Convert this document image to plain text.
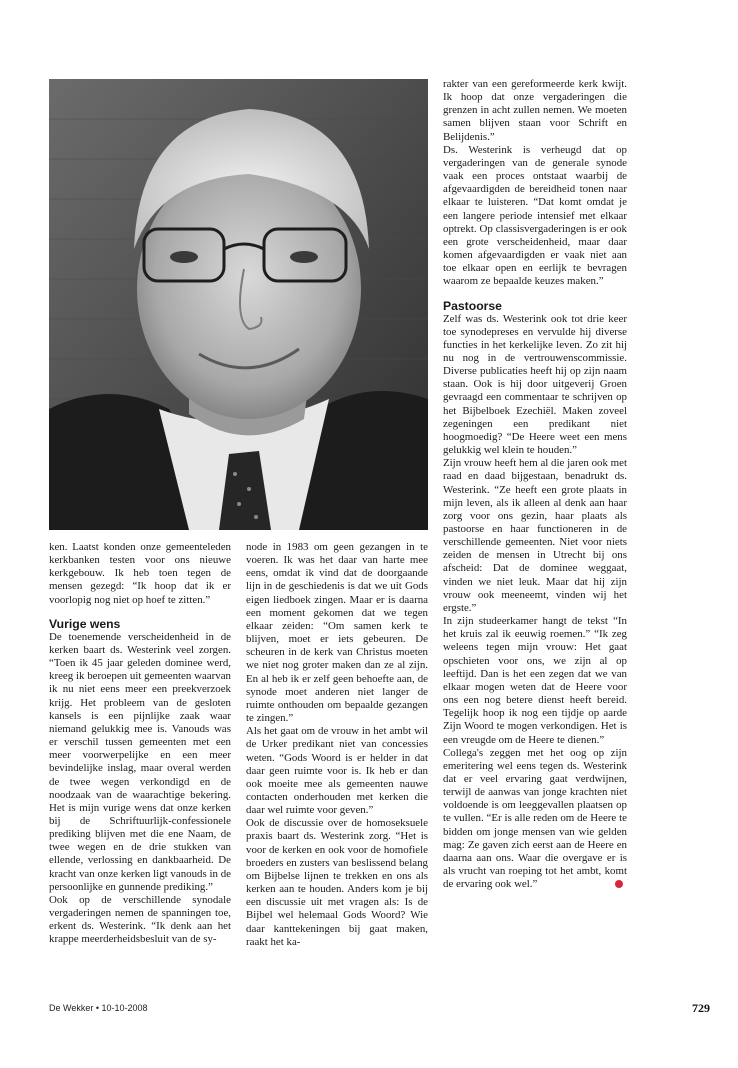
ken. Laatst konden onze gemeenteleden kerkbanken testen voor ons nieuwe kerkgebouw. Ik heb toen tegen de mensen gezegd: “Ik hoop dat ik er voorlopig nog niet op hoef te zitten.”

Vurige wens

De toenemende verscheidenheid in de kerken baart ds. Westerink veel zorgen. “Toen ik 45 jaar geleden dominee werd, kreeg ik beroepen uit gemeenten waarvan ik nu niet eens meer een preekverzoek krijg. Het probleem van de gesloten kansels is een pijnlijke zaak waar niemand gelukkig mee is. Vanouds was er verschil tussen gemeenten met een meer voorwerpelijke en een meer bevindelijke inslag, maar overal werden de twee wegen verkondigd en de noodzaak van de waarachtige bekering. Het is mijn vurige wens dat onze kerken bij de Schriftuurlijk-confessionele prediking blijven met die ene Naam, de twee wegen en de drie stukken van ellende, verlossing en dankbaarheid. De kracht van onze kerken ligt vanouds in de persoonlijke en gunnende prediking.”

Ook op de verschillende synodale vergaderingen nemen de spanningen toe, erkent ds. Westerink. “Ik denk aan het krappe meerderheidsbesluit van de sy-

node in 1983 om geen gezangen in te voeren. Ik was het daar van harte mee eens, omdat ik vind dat de doorgaande lijn in de geschiedenis is dat we uit Gods eigen liedboek zingen. Maar er is daarna een moment gekomen dat we tegen elkaar zeiden: “Om samen kerk te blijven, moet er iets gebeuren. De scheuren in de kerk van Christus moeten we niet nog groter maken dan ze al zijn. En al heb ik er zelf geen behoefte aan, de synode moet anderen niet langer de ruimte onthouden om bepaalde gezangen te zingen.”

Als het gaat om de vrouw in het ambt wil de Urker predikant niet van concessies weten. “Gods Woord is er helder in dat daar geen ruimte voor is. Ik heb er dan ook moeite mee als gemeenten nauwe contacten onderhouden met kerken die daar wel ruimte voor geven.”

Ook de discussie over de homoseksuele praxis baart ds. Westerink zorg. “Het is voor de kerken en ook voor de homofiele broeders en zusters van beslissend belang om Bijbelse lijnen te trekken en ons als kerken aan te houden. Anders kom je bij een discussie uit met vragen als: Is de Bijbel wel helemaal Gods Woord? Wie daar kanttekeningen bij gaat maken, raakt het ka-

rakter van een gereformeerde kerk kwijt. Ik hoop dat onze vergaderingen die grenzen in acht zullen nemen. We moeten samen blijven staan voor Schrift en Belijdenis.”

Ds. Westerink is verheugd dat op vergaderingen van de generale synode vaak een proces ontstaat waarbij de afgevaardigden de bereidheid tonen naar elkaar te luisteren. “Dat komt omdat je een langere periode intensief met elkaar optrekt. Op classisvergaderingen is er ook een grote verscheidenheid, maar daar komen afgevaardigden er vaak niet aan toe elkaar open en eerlijk te bevragen waarom ze bepaalde keuzes maken.”

Pastoorse

Zelf was ds. Westerink ook tot drie keer toe synodepreses en vervulde hij diverse functies in het kerkelijke leven. Zo zit hij nu nog in de vertrouwenscommissie. Diverse publicaties heeft hij op zijn naam staan. Ook is hij door uitgeverij Groen gevraagd een commentaar te schrijven op het Bijbelboek Ezechiël. Maken zoveel zegeningen een predikant niet hoogmoedig? “De Heere weet een mens gelukkig wel klein te houden.”

Zijn vrouw heeft hem al die jaren ook met raad en daad bijgestaan, benadrukt ds. Westerink. “Ze heeft een grote plaats in mijn leven, als ik alleen al denk aan haar zorg voor ons gezin, haar plaats als pastoorse en haar functioneren in de verschillende gemeenten. Niet voor niets zeiden de mensen in Utrecht bij ons afscheid: Dat de dominee weggaat, vinden we niet leuk. Maar dat hij zijn vrouw ook meeneemt, vinden wij het ergste.”

In zijn studeerkamer hangt de tekst “In het kruis zal ik eeuwig roemen.” “Ik zeg weleens tegen mijn vrouw: Het gaat opschieten voor ons, we zijn al op leeftijd. Dan is het een zegen dat we van elkaar mogen weten dat de Heere voor ons een nog betere dienst heeft bereid. Tegelijk hoop ik nog een tijdje op aarde Zijn Woord te mogen verkondigen. Het is een vreugde om de Heere te dienen.”

Collega's zeggen met het oog op zijn emeritering wel eens tegen ds. Westerink dat er veel ervaring gaat verdwijnen, terwijl de aanwas van jonge krachten niet voldoende is om leeggevallen plaatsen op te vullen. “Er is alle reden om de Heere te bidden om jonge mensen van wie gelden mag: Ze gaven zich eerst aan de Heere en daarna aan ons. Waar die overgave er is als vrucht van roeping tot het ambt, komt de ervaring ook wel.”

De Wekker • 10-10-2008	729
